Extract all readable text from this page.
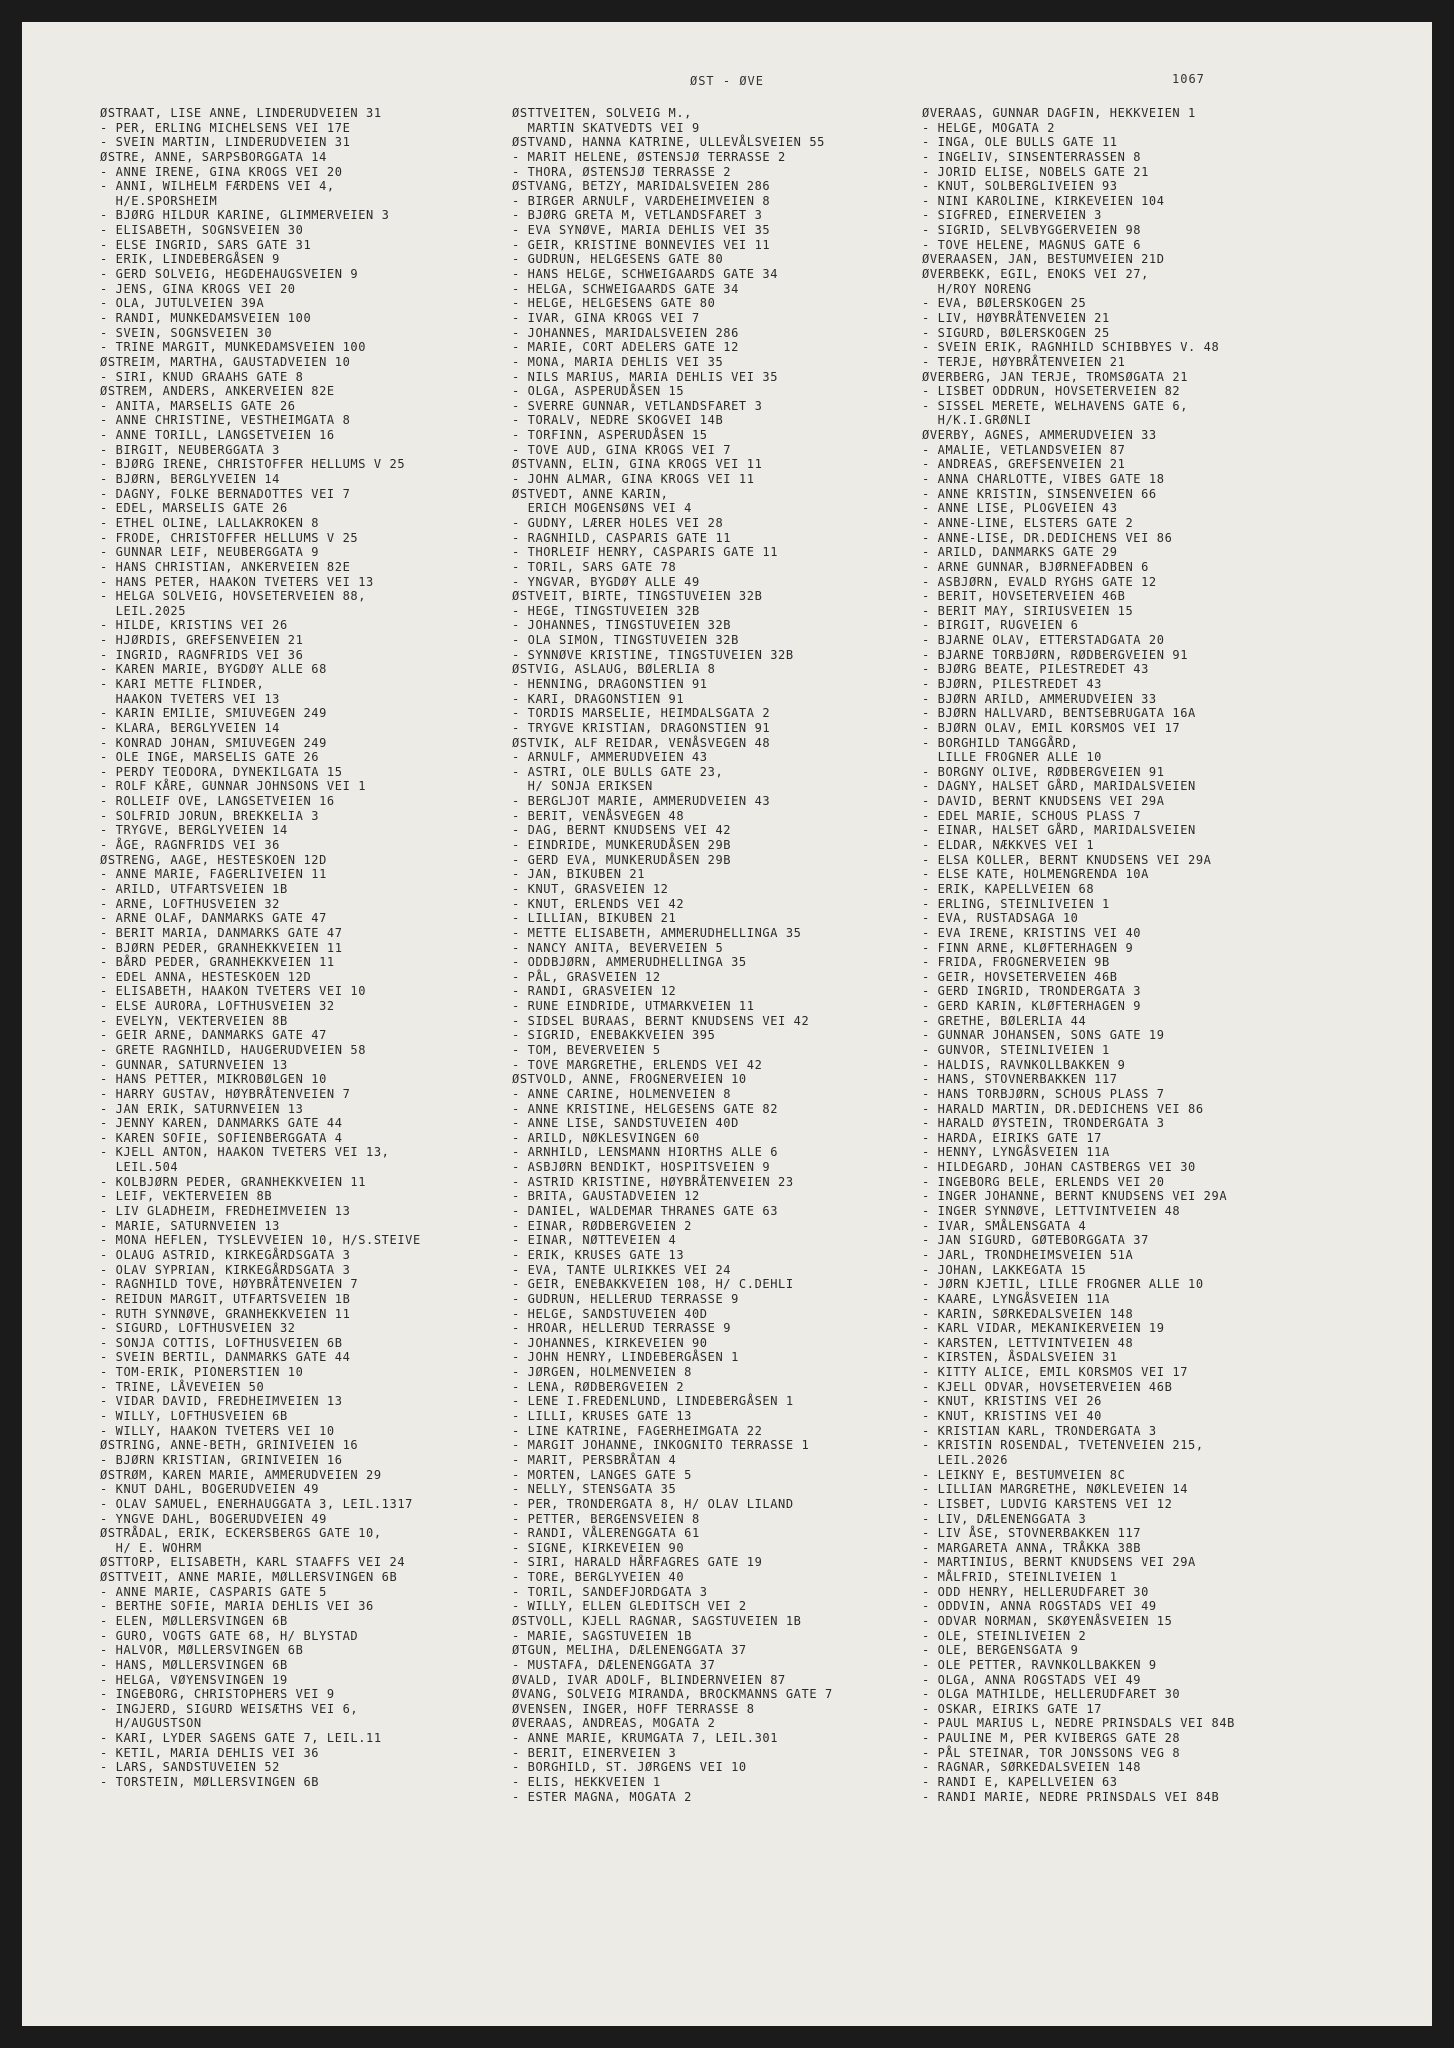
ØST - ØVE	1067
ØSTRAAT, LISE ANNE, LINDERUDVEIEN 31
- PER, ERLING MICHELSENS VEI 17E
- SVEIN MARTIN, LINDERUDVEIEN 31
ØSTRE, ANNE, SARPSBORGGATA 14
- ANNE IRENE, GINA KROGS VEI 20
- ANNI, WILHELM FÆRDENS VEI 4,
H/E.SPORSHEIM
- BJØRG HILDUR KARINE, GLIMMERVEIEN 3
- ELISABETH, SOGNSVEIEN 30
- ELSE INGRID, SARS GATE 31
- ERIK, LINDEBERGÅSEN 9
- GERD SOLVEIG, HEGDEHAUGSVEIEN 9
- JENS, GINA KROGS VEI 20
- OLA, JUTULVEIEN 39A
- RANDI, MUNKEDAMSVEIEN 100
- SVEIN, SOGNSVEIEN 30
- TRINE MARGIT, MUNKEDAMSVEIEN 100
ØSTREIM, MARTHA, GAUSTADVEIEN 10
- SIRI, KNUD GRAAHS GATE 8
ØSTREM, ANDERS, ANKERVEIEN 82E
- ANITA, MARSELIS GATE 26
- ANNE CHRISTINE, VESTHEIMGATA 8
- ANNE TORILL, LANGSETVEIEN 16
- BIRGIT, NEUBERGGATA 3
- BJØRG IRENE, CHRISTOFFER HELLUMS V 25
- BJØRN, BERGLYVEIEN 14
- DAGNY, FOLKE BERNADOTTES VEI 7
- EDEL, MARSELIS GATE 26
- ETHEL OLINE, LALLAKROKEN 8
- FRODE, CHRISTOFFER HELLUMS V 25
- GUNNAR LEIF, NEUBERGGATA 9
- HANS CHRISTIAN, ANKERVEIEN 82E
- HANS PETER, HAAKON TVETERS VEI 13
- HELGA SOLVEIG, HOVSETERVEIEN 88,
LEIL.2025
- HILDE, KRISTINS VEI 26
- HJØRDIS, GREFSENVEIEN 21
- INGRID, RAGNFRIDS VEI 36
- KAREN MARIE, BYGDØY ALLE 68
- KARI METTE FLINDER,
HAAKON TVETERS VEI 13
- KARIN EMILIE, SMIUVEGEN 249
- KLARA, BERGLYVEIEN 14
- KONRAD JOHAN, SMIUVEGEN 249
- OLE INGE, MARSELIS GATE 26
- PERDY TEODORA, DYNEKILGATA 15
- ROLF KÅRE, GUNNAR JOHNSONS VEI 1
- ROLLEIF OVE, LANGSETVEIEN 16
- SOLFRID JORUN, BREKKELIA 3
- TRYGVE, BERGLYVEIEN 14
- ÅGE, RAGNFRIDS VEI 36
ØSTRENG, AAGE, HESTESKOEN 12D
- ANNE MARIE, FAGERLIVEIEN 11
- ARILD, UTFARTSVEIEN 1B
- ARNE, LOFTHUSVEIEN 32
- ARNE OLAF, DANMARKS GATE 47
- BERIT MARIA, DANMARKS GATE 47
- BJØRN PEDER, GRANHEKKVEIEN 11
- BÅRD PEDER, GRANHEKKVEIEN 11
- EDEL ANNA, HESTESKOEN 12D
- ELISABETH, HAAKON TVETERS VEI 10
- ELSE AURORA, LOFTHUSVEIEN 32
- EVELYN, VEKTERVEIEN 8B
- GEIR ARNE, DANMARKS GATE 47
- GRETE RAGNHILD, HAUGERUDVEIEN 58
- GUNNAR, SATURNVEIEN 13
- HANS PETTER, MIKROBØLGEN 10
- HARRY GUSTAV, HØYBRÅTENVEIEN 7
- JAN ERIK, SATURNVEIEN 13
- JENNY KAREN, DANMARKS GATE 44
- KAREN SOFIE, SOFIENBERGGATA 4
- KJELL ANTON, HAAKON TVETERS VEI 13,
LEIL.504
- KOLBJØRN PEDER, GRANHEKKVEIEN 11
- LEIF, VEKTERVEIEN 8B
- LIV GLADHEIM, FREDHEIMVEIEN 13
- MARIE, SATURNVEIEN 13
- MONA HEFLEN, TYSLEVVEIEN 10, H/S.STEIVE
- OLAUG ASTRID, KIRKEGÅRDSGATA 3
- OLAV SYPRIAN, KIRKEGÅRDSGATA 3
- RAGNHILD TOVE, HØYBRÅTENVEIEN 7
- REIDUN MARGIT, UTFARTSVEIEN 1B
- RUTH SYNNØVE, GRANHEKKVEIEN 11
- SIGURD, LOFTHUSVEIEN 32
- SONJA COTTIS, LOFTHUSVEIEN 6B
- SVEIN BERTIL, DANMARKS GATE 44
- TOM-ERIK, PIONERSTIEN 10
- TRINE, LÅVEVEIEN 50
- VIDAR DAVID, FREDHEIMVEIEN 13
- WILLY, LOFTHUSVEIEN 6B
- WILLY, HAAKON TVETERS VEI 10
ØSTRING, ANNE-BETH, GRINIVEIEN 16
- BJØRN KRISTIAN, GRINIVEIEN 16
ØSTRØM, KAREN MARIE, AMMERUDVEIEN 29
- KNUT DAHL, BOGERUDVEIEN 49
- OLAV SAMUEL, ENERHAUGGATA 3, LEIL.1317
- YNGVE DAHL, BOGERUDVEIEN 49
ØSTRÅDAL, ERIK, ECKERSBERGS GATE 10,
H/ E. WOHRM
ØSTTORP, ELISABETH, KARL STAAFFS VEI 24
ØSTTVEIT, ANNE MARIE, MØLLERSVINGEN 6B
- ANNE MARIE, CASPARIS GATE 5
- BERTHE SOFIE, MARIA DEHLIS VEI 36
- ELEN, MØLLERSVINGEN 6B
- GURO, VOGTS GATE 68, H/ BLYSTAD
- HALVOR, MØLLERSVINGEN 6B
- HANS, MØLLERSVINGEN 6B
- HELGA, VØYENSVINGEN 19
- INGEBORG, CHRISTOPHERS VEI 9
- INGJERD, SIGURD WEISÆTHS VEI 6,
H/AUGUSTSON
- KARI, LYDER SAGENS GATE 7, LEIL.11
- KETIL, MARIA DEHLIS VEI 36
- LARS, SANDSTUVEIEN 52
- TORSTEIN, MØLLERSVINGEN 6B
ØSTTVEITEN, SOLVEIG M.,
MARTIN SKATVEDTS VEI 9
ØSTVAND, HANNA KATRINE, ULLEVÅLSVEIEN 55
- MARIT HELENE, ØSTENSJØ TERRASSE 2
- THORA, ØSTENSJØ TERRASSE 2
ØSTVANG, BETZY, MARIDALSVEIEN 286
- BIRGER ARNULF, VARDEHEIMVEIEN 8
- BJØRG GRETA M, VETLANDSFARET 3
- EVA SYNØVE, MARIA DEHLIS VEI 35
- GEIR, KRISTINE BONNEVIES VEI 11
- GUDRUN, HELGESENS GATE 80
- HANS HELGE, SCHWEIGAARDS GATE 34
- HELGA, SCHWEIGAARDS GATE 34
- HELGE, HELGESENS GATE 80
- IVAR, GINA KROGS VEI 7
- JOHANNES, MARIDALSVEIEN 286
- MARIE, CORT ADELERS GATE 12
- MONA, MARIA DEHLIS VEI 35
- NILS MARIUS, MARIA DEHLIS VEI 35
- OLGA, ASPERUDÅSEN 15
- SVERRE GUNNAR, VETLANDSFARET 3
- TORALV, NEDRE SKOGVEI 14B
- TORFINN, ASPERUDÅSEN 15
- TOVE AUD, GINA KROGS VEI 7
ØSTVANN, ELIN, GINA KROGS VEI 11
- JOHN ALMAR, GINA KROGS VEI 11
ØSTVEDT, ANNE KARIN,
ERICH MOGENSØNS VEI 4
- GUDNY, LÆRER HOLES VEI 28
- RAGNHILD, CASPARIS GATE 11
- THORLEIF HENRY, CASPARIS GATE 11
- TORIL, SARS GATE 78
- YNGVAR, BYGDØY ALLE 49
ØSTVEIT, BIRTE, TINGSTUVEIEN 32B
- HEGE, TINGSTUVEIEN 32B
- JOHANNES, TINGSTUVEIEN 32B
- OLA SIMON, TINGSTUVEIEN 32B
- SYNNØVE KRISTINE, TINGSTUVEIEN 32B
ØSTVIG, ASLAUG, BØLERLIA 8
- HENNING, DRAGONSTIEN 91
- KARI, DRAGONSTIEN 91
- TORDIS MARSELIE, HEIMDALSGATA 2
- TRYGVE KRISTIAN, DRAGONSTIEN 91
ØSTVIK, ALF REIDAR, VENÅSVEGEN 48
- ARNULF, AMMERUDVEIEN 43
- ASTRI, OLE BULLS GATE 23,
H/ SONJA ERIKSEN
- BERGLJOT MARIE, AMMERUDVEIEN 43
- BERIT, VENÅSVEGEN 48
- DAG, BERNT KNUDSENS VEI 42
- EINDRIDE, MUNKERUDÅSEN 29B
- GERD EVA, MUNKERUDÅSEN 29B
- JAN, BIKUBEN 21
- KNUT, GRASVEIEN 12
- KNUT, ERLENDS VEI 42
- LILLIAN, BIKUBEN 21
- METTE ELISABETH, AMMERUDHELLINGA 35
- NANCY ANITA, BEVERVEIEN 5
- ODDBJØRN, AMMERUDHELLINGA 35
- PÅL, GRASVEIEN 12
- RANDI, GRASVEIEN 12
- RUNE EINDRIDE, UTMARKVEIEN 11
- SIDSEL BURAAS, BERNT KNUDSENS VEI 42
- SIGRID, ENEBAKKVEIEN 395
- TOM, BEVERVEIEN 5
- TOVE MARGRETHE, ERLENDS VEI 42
ØSTVOLD, ANNE, FROGNERVEIEN 10
- ANNE CARINE, HOLMENVEIEN 8
- ANNE KRISTINE, HELGESENS GATE 82
- ANNE LISE, SANDSTUVEIEN 40D
- ARILD, NØKLESVINGEN 60
- ARNHILD, LENSMANN HIORTHS ALLE 6
- ASBJØRN BENDIKT, HOSPITSVEIEN 9
- ASTRID KRISTINE, HØYBRÅTENVEIEN 23
- BRITA, GAUSTADVEIEN 12
- DANIEL, WALDEMAR THRANES GATE 63
- EINAR, RØDBERGVEIEN 2
- EINAR, NØTTEVEIEN 4
- ERIK, KRUSES GATE 13
- EVA, TANTE ULRIKKES VEI 24
- GEIR, ENEBAKKVEIEN 108, H/ C.DEHLI
- GUDRUN, HELLERUD TERRASSE 9
- HELGE, SANDSTUVEIEN 40D
- HROAR, HELLERUD TERRASSE 9
- JOHANNES, KIRKEVEIEN 90
- JOHN HENRY, LINDEBERGÅSEN 1
- JØRGEN, HOLMENVEIEN 8
- LENA, RØDBERGVEIEN 2
- LENE I.FREDENLUND, LINDEBERGÅSEN 1
- LILLI, KRUSES GATE 13
- LINE KATRINE, FAGERHEIMGATA 22
- MARGIT JOHANNE, INKOGNITO TERRASSE 1
- MARIT, PERSBRÅTAN 4
- MORTEN, LANGES GATE 5
- NELLY, STENSGATA 35
- PER, TRONDERGATA 8, H/ OLAV LILAND
- PETTER, BERGENSVEIEN 8
- RANDI, VÅLERENGGATA 61
- SIGNE, KIRKEVEIEN 90
- SIRI, HARALD HÅRFAGRES GATE 19
- TORE, BERGLYVEIEN 40
- TORIL, SANDEFJORDGATA 3
- WILLY, ELLEN GLEDITSCH VEI 2
ØSTVOLL, KJELL RAGNAR, SAGSTUVEIEN 1B
- MARIE, SAGSTUVEIEN 1B
ØTGUN, MELIHA, DÆLENENGGATA 37
- MUSTAFA, DÆLENENGGATA 37
ØVALD, IVAR ADOLF, BLINDERNVEIEN 87
ØVANG, SOLVEIG MIRANDA, BROCKMANNS GATE 7
ØVENSEN, INGER, HOFF TERRASSE 8
ØVERAAS, ANDREAS, MOGATA 2
- ANNE MARIE, KRUMGATA 7, LEIL.301
- BERIT, EINERVEIEN 3
- BORGHILD, ST. JØRGENS VEI 10
- ELIS, HEKKVEIEN 1
- ESTER MAGNA, MOGATA 2
ØVERAAS, GUNNAR DAGFIN, HEKKVEIEN 1
- HELGE, MOGATA 2
- INGA, OLE BULLS GATE 11
- INGELIV, SINSENTERRASSEN 8
- JORID ELISE, NOBELS GATE 21
- KNUT, SOLBERGLIVEIEN 93
- NINI KAROLINE, KIRKEVEIEN 104
- SIGFRED, EINERVEIEN 3
- SIGRID, SELVBYGGERVEIEN 98
- TOVE HELENE, MAGNUS GATE 6
ØVERAASEN, JAN, BESTUMVEIEN 21D
ØVERBEKK, EGIL, ENOKS VEI 27,
H/ROY NORENG
- EVA, BØLERSKOGEN 25
- LIV, HØYBRÅTENVEIEN 21
- SIGURD, BØLERSKOGEN 25
- SVEIN ERIK, RAGNHILD SCHIBBYES V. 48
- TERJE, HØYBRÅTENVEIEN 21
ØVERBERG, JAN TERJE, TROMSØGATA 21
- LISBET ODDRUN, HOVSETERVEIEN 82
- SISSEL MERETE, WELHAVENS GATE 6,
H/K.I.GRØNLI
ØVERBY, AGNES, AMMERUDVEIEN 33
- AMALIE, VETLANDSVEIEN 87
- ANDREAS, GREFSENVEIEN 21
- ANNA CHARLOTTE, VIBES GATE 18
- ANNE KRISTIN, SINSENVEIEN 66
- ANNE LISE, PLOGVEIEN 43
- ANNE-LINE, ELSTERS GATE 2
- ANNE-LISE, DR.DEDICHENS VEI 86
- ARILD, DANMARKS GATE 29
- ARNE GUNNAR, BJØRNEFADBEN 6
- ASBJØRN, EVALD RYGHS GATE 12
- BERIT, HOVSETERVEIEN 46B
- BERIT MAY, SIRIUSVEIEN 15
- BIRGIT, RUGVEIEN 6
- BJARNE OLAV, ETTERSTADGATA 20
- BJARNE TORBJØRN, RØDBERGVEIEN 91
- BJØRG BEATE, PILESTREDET 43
- BJØRN, PILESTREDET 43
- BJØRN ARILD, AMMERUDVEIEN 33
- BJØRN HALLVARD, BENTSEBRUGATA 16A
- BJØRN OLAV, EMIL KORSMOS VEI 17
- BORGHILD TANGGÅRD,
LILLE FROGNER ALLE 10
- BORGNY OLIVE, RØDBERGVEIEN 91
- DAGNY, HALSET GÅRD, MARIDALSVEIEN
- DAVID, BERNT KNUDSENS VEI 29A
- EDEL MARIE, SCHOUS PLASS 7
- EINAR, HALSET GÅRD, MARIDALSVEIEN
- ELDAR, NÆKKVES VEI 1
- ELSA KOLLER, BERNT KNUDSENS VEI 29A
- ELSE KATE, HOLMENGRENDA 10A
- ERIK, KAPELLVEIEN 68
- ERLING, STEINLIVEIEN 1
- EVA, RUSTADSAGA 10
- EVA IRENE, KRISTINS VEI 40
- FINN ARNE, KLØFTERHAGEN 9
- FRIDA, FROGNERVEIEN 9B
- GEIR, HOVSETERVEIEN 46B
- GERD INGRID, TRONDERGATA 3
- GERD KARIN, KLØFTERHAGEN 9
- GRETHE, BØLERLIA 44
- GUNNAR JOHANSEN, SONS GATE 19
- GUNVOR, STEINLIVEIEN 1
- HALDIS, RAVNKOLLBAKKEN 9
- HANS, STOVNERBAKKEN 117
- HANS TORBJØRN, SCHOUS PLASS 7
- HARALD MARTIN, DR.DEDICHENS VEI 86
- HARALD ØYSTEIN, TRONDERGATA 3
- HARDA, EIRIKS GATE 17
- HENNY, LYNGÅSVEIEN 11A
- HILDEGARD, JOHAN CASTBERGS VEI 30
- INGEBORG BELE, ERLENDS VEI 20
- INGER JOHANNE, BERNT KNUDSENS VEI 29A
- INGER SYNNØVE, LETTVINTVEIEN 48
- IVAR, SMÅLENSGATA 4
- JAN SIGURD, GØTEBORGGATA 37
- JARL, TRONDHEIMSVEIEN 51A
- JOHAN, LAKKEGATA 15
- JØRN KJETIL, LILLE FROGNER ALLE 10
- KAARE, LYNGÅSVEIEN 11A
- KARIN, SØRKEDALSVEIEN 148
- KARL VIDAR, MEKANIKERVEIEN 19
- KARSTEN, LETTVINTVEIEN 48
- KIRSTEN, ÅSDALSVEIEN 31
- KITTY ALICE, EMIL KORSMOS VEI 17
- KJELL ODVAR, HOVSETERVEIEN 46B
- KNUT, KRISTINS VEI 26
- KNUT, KRISTINS VEI 40
- KRISTIAN KARL, TRONDERGATA 3
- KRISTIN ROSENDAL, TVETENVEIEN 215,
LEIL.2026
- LEIKNY E, BESTUMVEIEN 8C
- LILLIAN MARGRETHE, NØKLEVEIEN 14
- LISBET, LUDVIG KARSTENS VEI 12
- LIV, DÆLENENGGATA 3
- LIV ÅSE, STOVNERBAKKEN 117
- MARGARETA ANNA, TRÅKKA 38B
- MARTINIUS, BERNT KNUDSENS VEI 29A
- MÅLFRID, STEINLIVEIEN 1
- ODD HENRY, HELLERUDFARET 30
- ODDVIN, ANNA ROGSTADS VEI 49
- ODVAR NORMAN, SKØYENÅSVEIEN 15
- OLE, STEINLIVEIEN 2
- OLE, BERGENSGATA 9
- OLE PETTER, RAVNKOLLBAKKEN 9
- OLGA, ANNA ROGSTADS VEI 49
- OLGA MATHILDE, HELLERUDFARET 30
- OSKAR, EIRIKS GATE 17
- PAUL MARIUS L, NEDRE PRINSDALS VEI 84B
- PAULINE M, PER KVIBERGS GATE 28
- PÅL STEINAR, TOR JONSSONS VEG 8
- RAGNAR, SØRKEDALSVEIEN 148
- RANDI E, KAPELLVEIEN 63
- RANDI MARIE, NEDRE PRINSDALS VEI 84B
